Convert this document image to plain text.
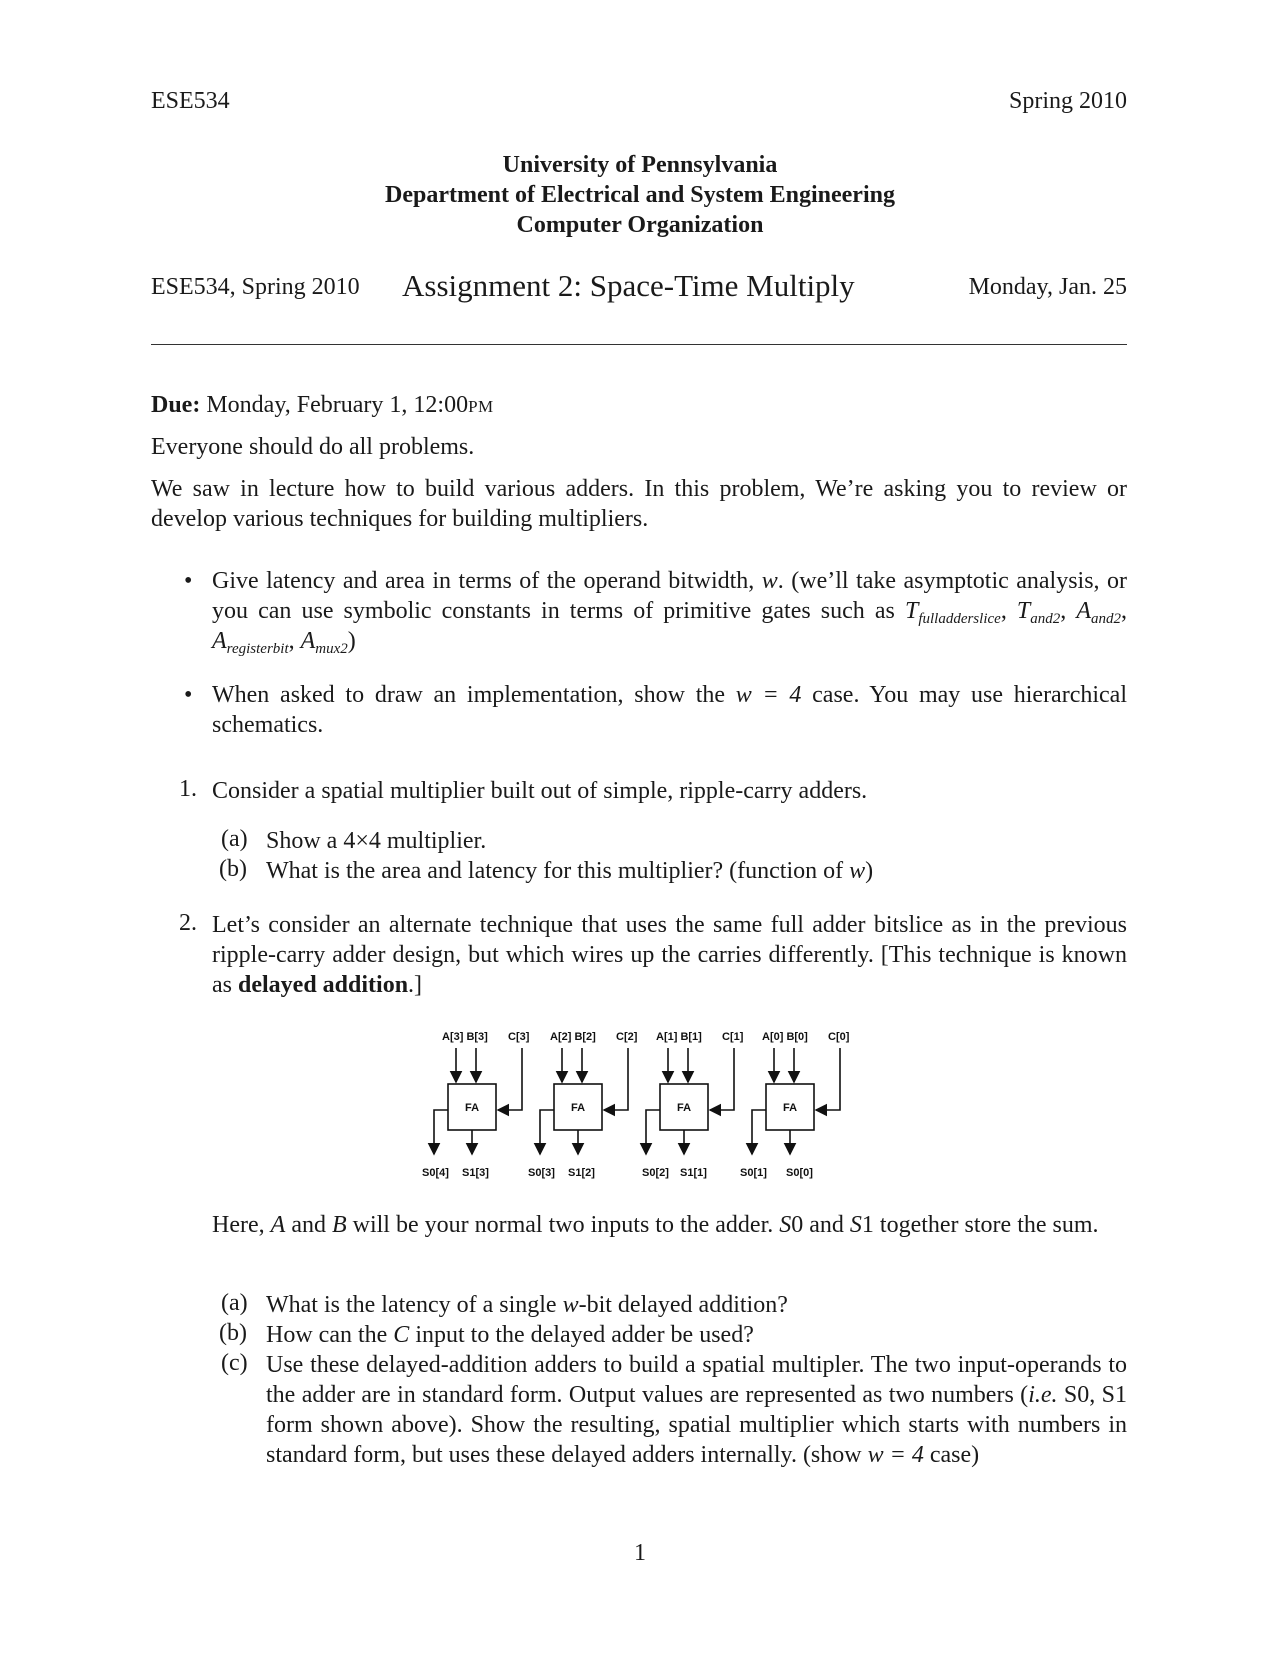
ESE534	Spring 2010
University of Pennsylvania
Department of Electrical and System Engineering
Computer Organization
ESE534, Spring 2010 Assignment 2: Space-Time Multiply	Monday, Jan. 25
Due: Monday, February 1, 12:00PM
Everyone should do all problems.
We saw in lecture how to build various adders. In this problem, We’re asking you to review or develop various techniques for building multipliers.
• Give latency and area in terms of the operand bitwidth, w. (we’ll take asymptotic analysis, or you can use symbolic constants in terms of primitive gates such as $T_{fulladderslice}$, $T_{and2}$, $A_{and2}$, $A_{registerbit}$, $A_{mux2}$)
• When asked to draw an implementation, show the w = 4 case. You may use hierarchical schematics.
1. Consider a spatial multiplier built out of simple, ripple-carry adders.
(a) Show a 4×4 multiplier.
(b) What is the area and latency for this multiplier? (function of w)
2. Let’s consider an alternate technique that uses the same full adder bitslice as in the previous ripple-carry adder design, but which wires up the carries differently. [This technique is known as delayed addition.]
A[3] B[3] C[3] A[2] B[2] C[2] A[1] B[1] C[1] A[0] B[0] C[0]
FA	FA	FA	FA
S0[4] S1[3]	S0[3] S1[2]	S0[2] S1[1]	S0[1] S0[0]
Here, A and B will be your normal two inputs to the adder. S0 and S1 together store the sum.
(a) What is the latency of a single w-bit delayed addition?
(b) How can the C input to the delayed adder be used?
(c) Use these delayed-addition adders to build a spatial multipler. The two input-operands to the adder are in standard form. Output values are represented as two numbers (i.e. S0, S1 form shown above). Show the resulting, spatial multiplier which starts with numbers in standard form, but uses these delayed adders internally. (show w = 4 case)
1
